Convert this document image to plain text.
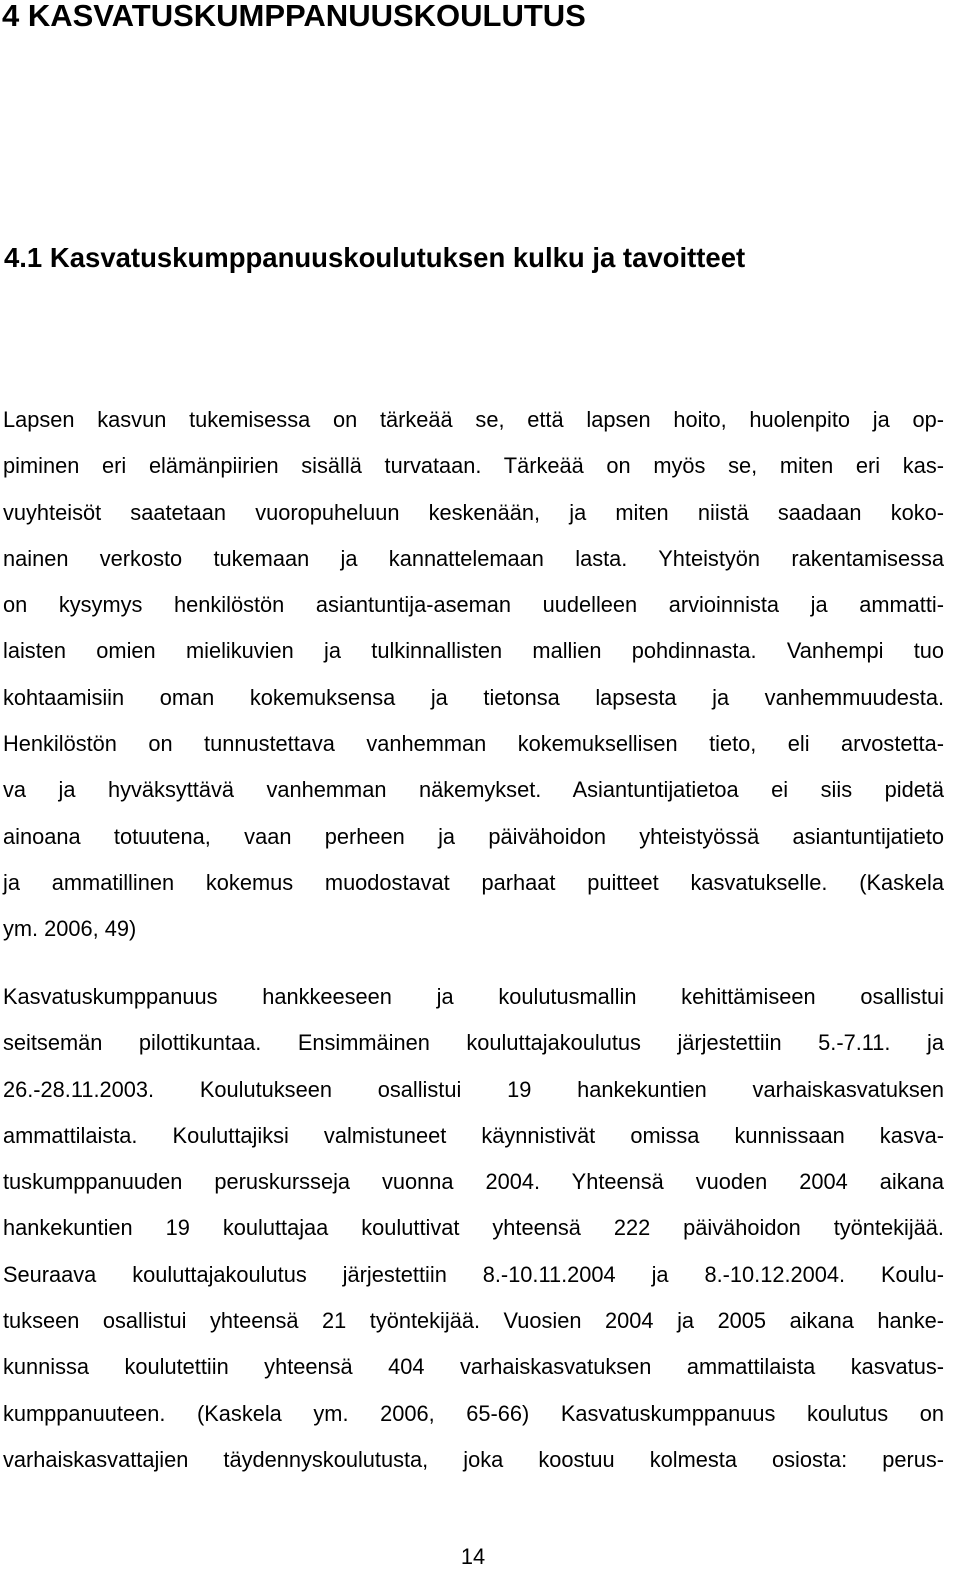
4 KASVATUSKUMPPANUUSKOULUTUS
4.1 Kasvatuskumppanuuskoulutuksen kulku ja tavoitteet
Lapsen kasvun tukemisessa on tärkeää se, että lapsen hoito, huolenpito ja op-
piminen eri elämänpiirien sisällä turvataan. Tärkeää on myös se, miten eri kas-
vuyhteisöt saatetaan vuoropuheluun keskenään, ja miten niistä saadaan koko-
nainen verkosto tukemaan ja kannattelemaan lasta. Yhteistyön rakentamisessa
on kysymys henkilöstön asiantuntija-aseman uudelleen arvioinnista ja ammatti-
laisten omien mielikuvien ja tulkinnallisten mallien pohdinnasta. Vanhempi tuo
kohtaamisiin oman kokemuksensa ja tietonsa lapsesta ja vanhemmuudesta.
Henkilöstön on tunnustettava vanhemman kokemuksellisen tieto, eli arvostetta-
va ja hyväksyttävä vanhemman näkemykset. Asiantuntijatietoa ei siis pidetä
ainoana totuutena, vaan perheen ja päivähoidon yhteistyössä asiantuntijatieto
ja ammatillinen kokemus muodostavat parhaat puitteet kasvatukselle. (Kaskela
ym. 2006, 49)
Kasvatuskumppanuus hankkeeseen ja koulutusmallin kehittämiseen osallistui
seitsemän pilottikuntaa. Ensimmäinen kouluttajakoulutus järjestettiin 5.-7.11. ja
26.-28.11.2003. Koulutukseen osallistui 19 hankekuntien varhaiskasvatuksen
ammattilaista. Kouluttajiksi valmistuneet käynnistivät omissa kunnissaan kasva-
tuskumppanuuden peruskursseja vuonna 2004. Yhteensä vuoden 2004 aikana
hankekuntien 19 kouluttajaa kouluttivat yhteensä 222 päivähoidon työntekijää.
Seuraava kouluttajakoulutus järjestettiin 8.-10.11.2004 ja 8.-10.12.2004. Koulu-
tukseen osallistui yhteensä 21 työntekijää. Vuosien 2004 ja 2005 aikana hanke-
kunnissa koulutettiin yhteensä 404 varhaiskasvatuksen ammattilaista kasvatus-
kumppanuuteen. (Kaskela ym. 2006, 65-66) Kasvatuskumppanuus koulutus on
varhaiskasvattajien täydennyskoulutusta, joka koostuu kolmesta osiosta: perus-
14
